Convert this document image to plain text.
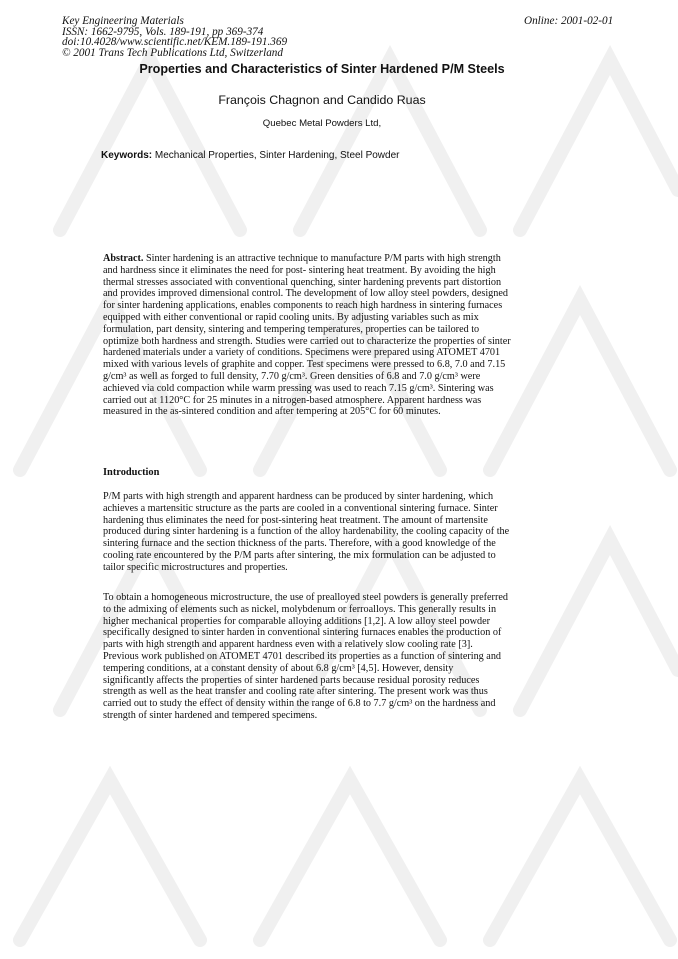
Key Engineering Materials
ISSN: 1662-9795, Vols. 189-191, pp 369-374
doi:10.4028/www.scientific.net/KEM.189-191.369
© 2001 Trans Tech Publications Ltd, Switzerland
Online: 2001-02-01
Properties and Characteristics of Sinter Hardened P/M Steels
François Chagnon and Candido Ruas
Quebec Metal Powders Ltd,
Keywords: Mechanical Properties, Sinter Hardening, Steel Powder
Abstract. Sinter hardening is an attractive technique to manufacture P/M parts with high strength
and hardness since it eliminates the need for post- sintering heat treatment. By avoiding the high
thermal stresses associated with conventional quenching, sinter hardening prevents part distortion
and provides improved dimensional control. The development of low alloy steel powders, designed
for sinter hardening applications, enables components to reach high hardness in sintering furnaces
equipped with either conventional or rapid cooling units. By adjusting variables such as mix
formulation, part density, sintering and tempering temperatures, properties can be tailored to
optimize both hardness and strength. Studies were carried out to characterize the properties of sinter
hardened materials under a variety of conditions. Specimens were prepared using ATOMET 4701
mixed with various levels of graphite and copper. Test specimens were pressed to 6.8, 7.0 and 7.15
g/cm³ as well as forged to full density, 7.70 g/cm³. Green densities of 6.8 and 7.0 g/cm³ were
achieved via cold compaction while warm pressing was used to reach 7.15 g/cm³. Sintering was
carried out at 1120°C for 25 minutes in a nitrogen-based atmosphere. Apparent hardness was
measured in the as-sintered condition and after tempering at 205°C for 60 minutes.
Introduction
P/M parts with high strength and apparent hardness can be produced by sinter hardening, which
achieves a martensitic structure as the parts are cooled in a conventional sintering furnace. Sinter
hardening thus eliminates the need for post-sintering heat treatment. The amount of martensite
produced during sinter hardening is a function of the alloy hardenability, the cooling capacity of the
sintering furnace and the section thickness of the parts. Therefore, with a good knowledge of the
cooling rate encountered by the P/M parts after sintering, the mix formulation can be adjusted to
tailor specific microstructures and properties.
To obtain a homogeneous microstructure, the use of prealloyed steel powders is generally preferred
to the admixing of elements such as nickel, molybdenum or ferroalloys. This generally results in
higher mechanical properties for comparable alloying additions [1,2]. A low alloy steel powder
specifically designed to sinter harden in conventional sintering furnaces enables the production of
parts with high strength and apparent hardness even with a relatively slow cooling rate [3].
Previous work published on ATOMET 4701 described its properties as a function of sintering and
tempering conditions, at a constant density of about 6.8 g/cm³ [4,5]. However, density
significantly affects the properties of sinter hardened parts because residual porosity reduces
strength as well as the heat transfer and cooling rate after sintering. The present work was thus
carried out to study the effect of density within the range of 6.8 to 7.7 g/cm³ on the hardness and
strength of sinter hardened and tempered specimens.
